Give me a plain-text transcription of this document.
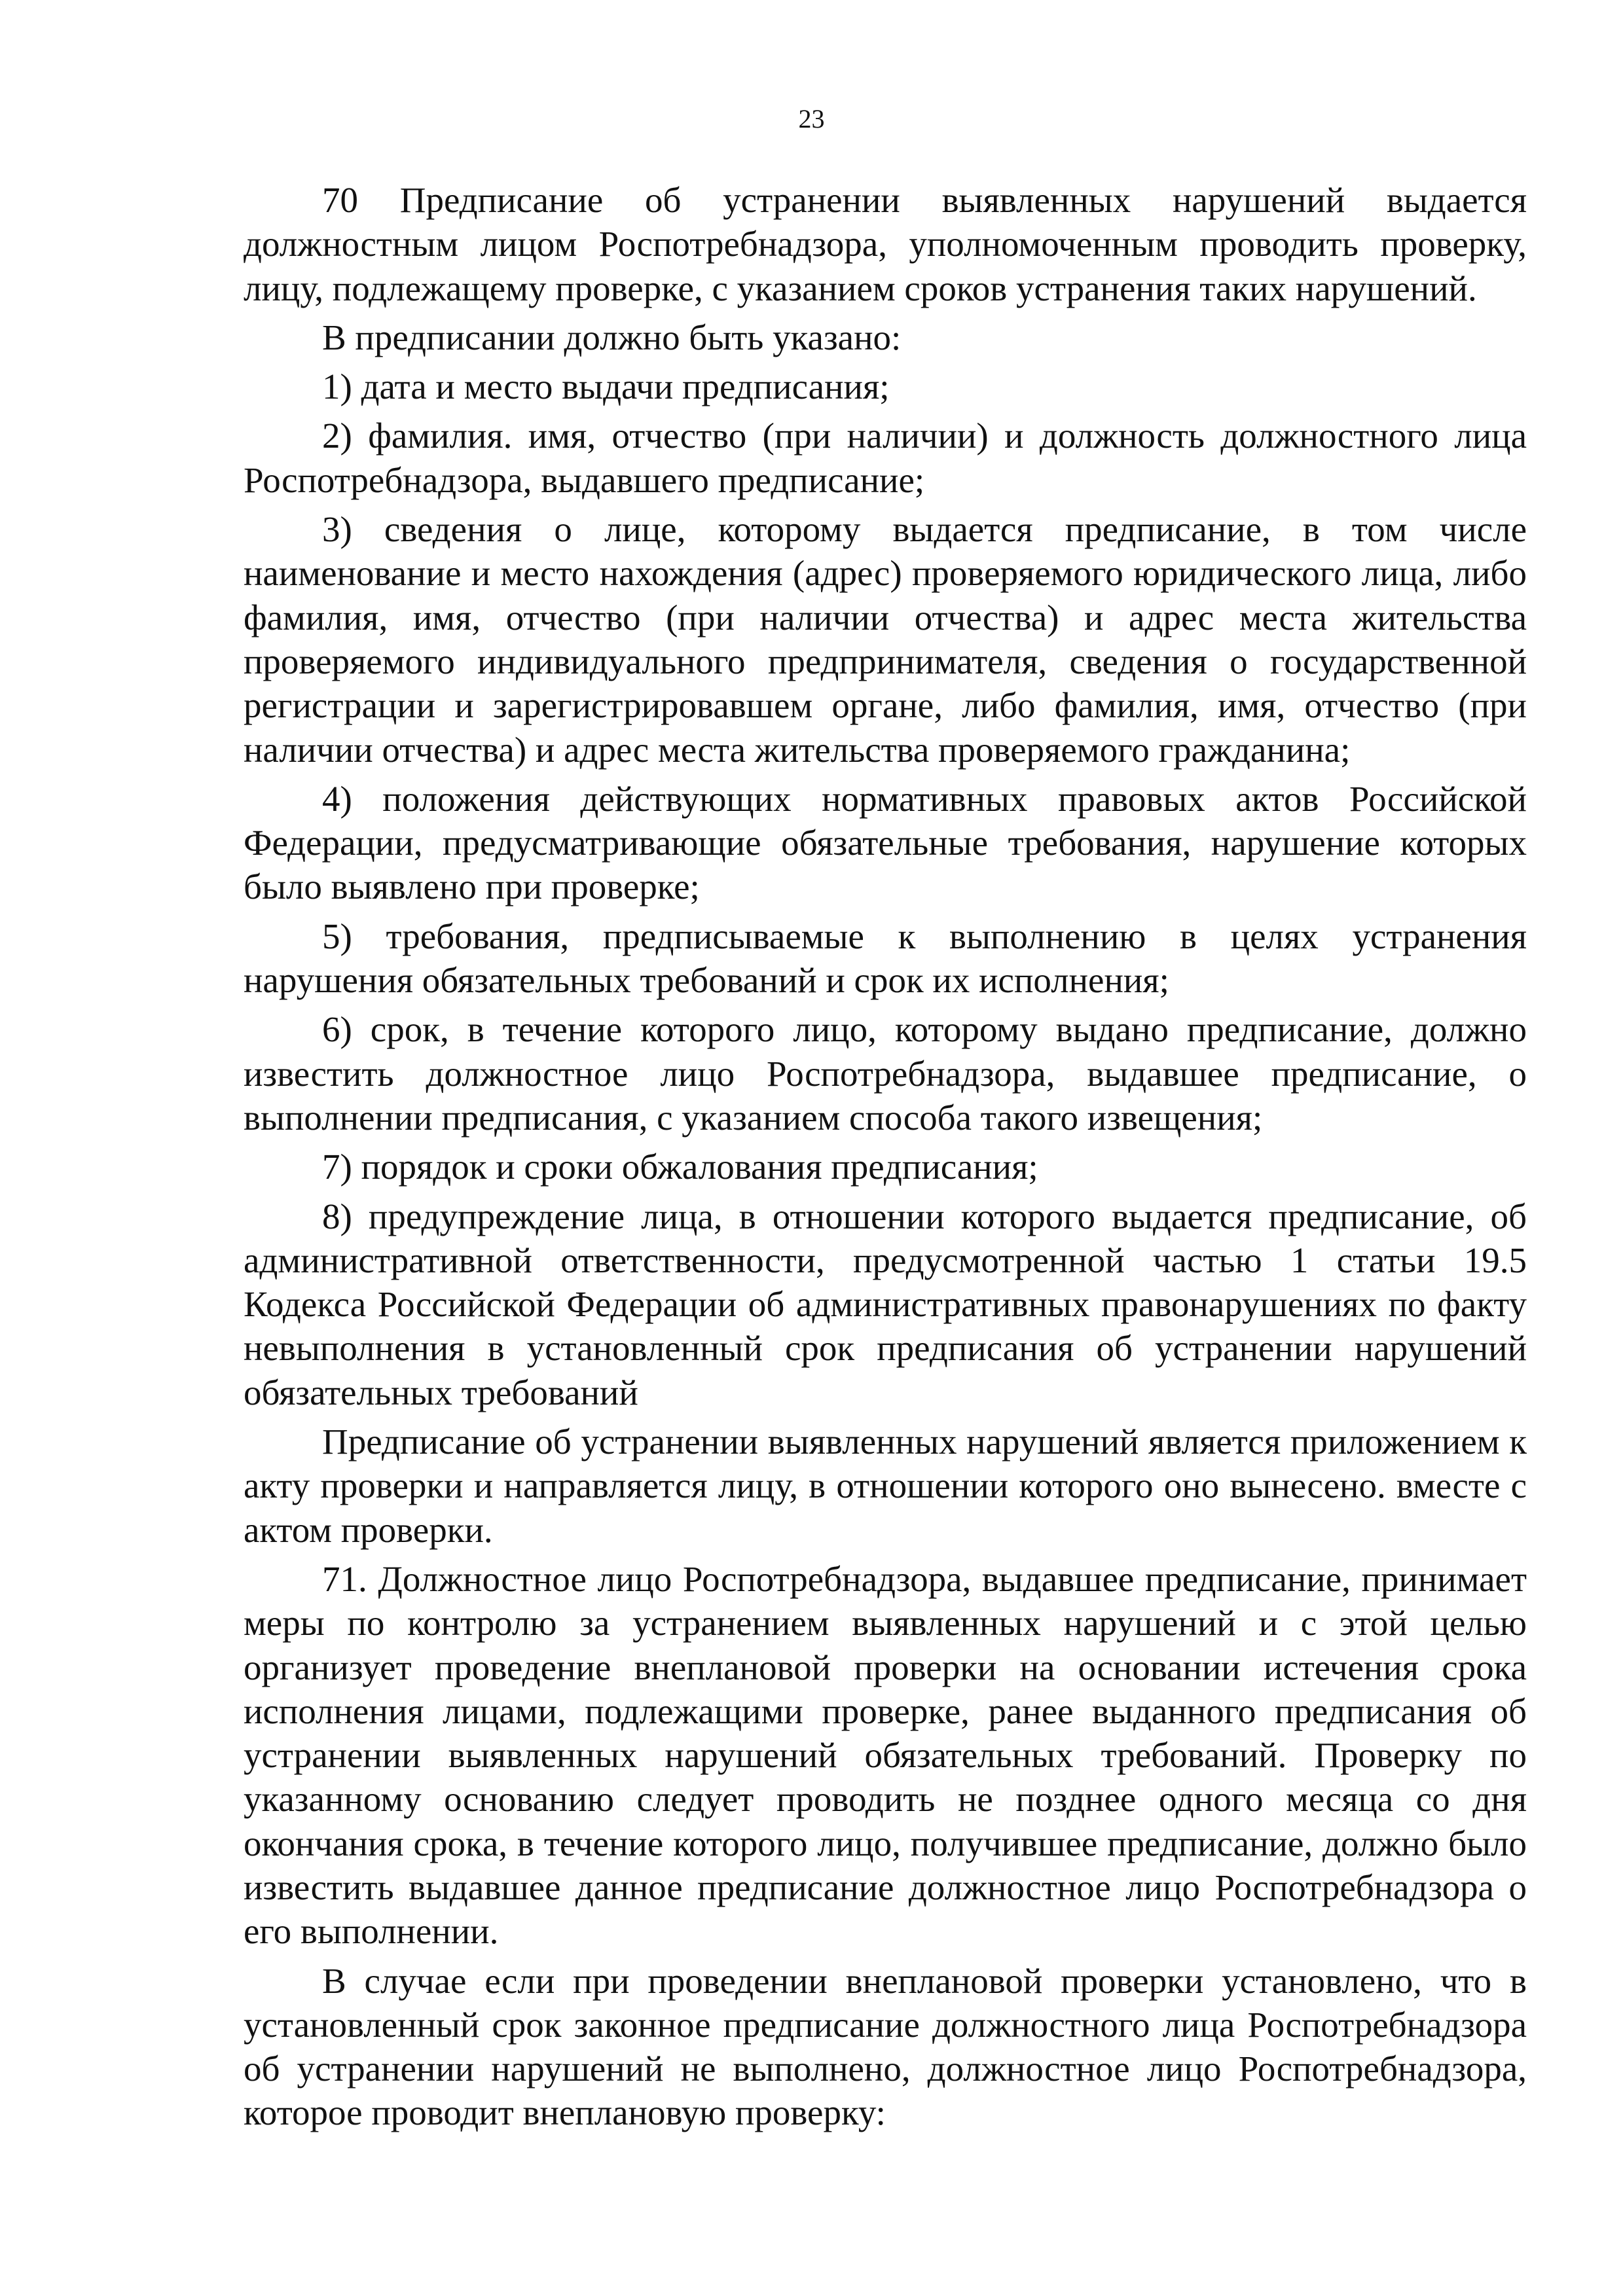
23

70 Предписание об устранении выявленных нарушений выдается должностным лицом Роспотребнадзора, уполномоченным проводить проверку, лицу, подлежащему проверке, с указанием сроков устранения таких нарушений.

В предписании должно быть указано:

1) дата и место выдачи предписания;

2) фамилия. имя, отчество (при наличии) и должность должностного лица Роспотребнадзора, выдавшего предписание;

3) сведения о лице, которому выдается предписание, в том числе наименование и место нахождения (адрес) проверяемого юридического лица, либо фамилия, имя, отчество (при наличии отчества) и адрес места жительства проверяемого индивидуального предпринимателя, сведения о государственной регистрации и зарегистрировавшем органе, либо фамилия, имя, отчество (при наличии отчества) и адрес места жительства проверяемого гражданина;

4) положения действующих нормативных правовых актов Российской Федерации, предусматривающие обязательные требования, нарушение которых было выявлено при проверке;

5) требования, предписываемые к выполнению в целях устранения нарушения обязательных требований и срок их исполнения;

6) срок, в течение которого лицо, которому выдано предписание, должно известить должностное лицо Роспотребнадзора, выдавшее предписание, о выполнении предписания, с указанием способа такого извещения;

7) порядок и сроки обжалования предписания;

8) предупреждение лица, в отношении которого выдается предписание, об административной ответственности, предусмотренной частью 1 статьи 19.5 Кодекса Российской Федерации об административных правонарушениях по факту невыполнения в установленный срок предписания об устранении нарушений обязательных требований

Предписание об устранении выявленных нарушений является приложением к акту проверки и направляется лицу, в отношении которого оно вынесено. вместе с актом проверки.

71. Должностное лицо Роспотребнадзора, выдавшее предписание, принимает меры по контролю за устранением выявленных нарушений и с этой целью организует проведение внеплановой проверки на основании истечения срока исполнения лицами, подлежащими проверке, ранее выданного предписания об устранении выявленных нарушений обязательных требований. Проверку по указанному основанию следует проводить не позднее одного месяца со дня окончания срока, в течение которого лицо, получившее предписание, должно было известить выдавшее данное предписание должностное лицо Роспотребнадзора о его выполнении.

В случае если при проведении внеплановой проверки установлено, что в установленный срок законное предписание должностного лица Роспотребнадзора об устранении нарушений не выполнено, должностное лицо Роспотребнадзора, которое проводит внеплановую проверку:
